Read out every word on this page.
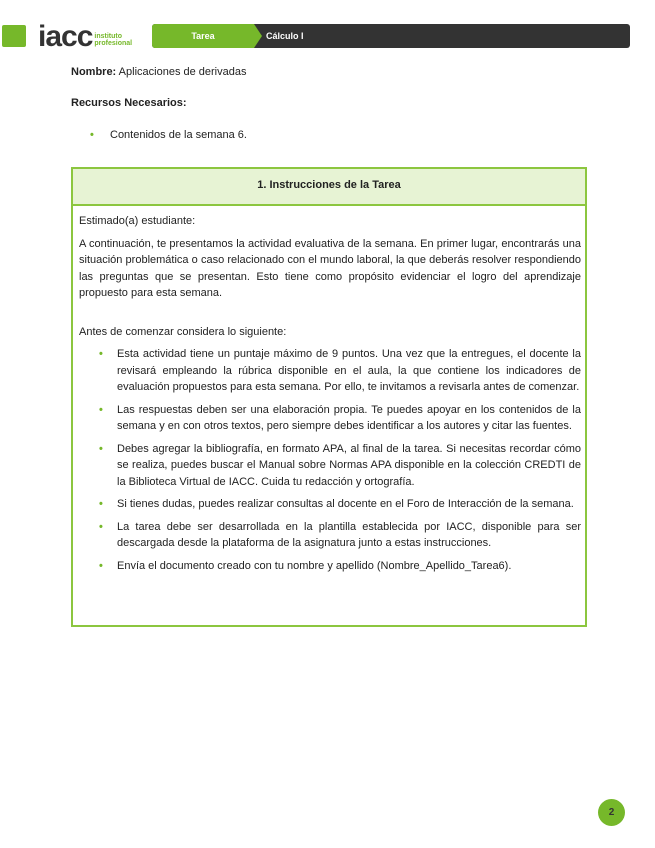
iacc instituto
profesional
Tarea	Cálculo I
Nombre: Aplicaciones de derivadas
Recursos Necesarios:
• Contenidos de la semana 6.
1. Instrucciones de la Tarea

Estimado(a) estudiante:

A continuación, te presentamos la actividad evaluativa de la semana. En primer lugar, encontrarás una situación problemática o caso relacionado con el mundo laboral, la que deberás resolver respondiendo las preguntas que se presentan. Esto tiene como propósito evidenciar el logro del aprendizaje propuesto para esta semana.

Antes de comenzar considera lo siguiente:

• Esta actividad tiene un puntaje máximo de 9 puntos. Una vez que la entregues, el docente la revisará empleando la rúbrica disponible en el aula, la que contiene los indicadores de evaluación propuestos para esta semana. Por ello, te invitamos a revisarla antes de comenzar.
• Las respuestas deben ser una elaboración propia. Te puedes apoyar en los contenidos de la semana y en con otros textos, pero siempre debes identificar a los autores y citar las fuentes.
• Debes agregar la bibliografía, en formato APA, al final de la tarea. Si necesitas recordar cómo se realiza, puedes buscar el Manual sobre Normas APA disponible en la colección CREDTI de la Biblioteca Virtual de IACC. Cuida tu redacción y ortografía.
• Si tienes dudas, puedes realizar consultas al docente en el Foro de Interacción de la semana.
• La tarea debe ser desarrollada en la plantilla establecida por IACC, disponible para ser descargada desde la plataforma de la asignatura junto a estas instrucciones.
• Envía el documento creado con tu nombre y apellido (Nombre_Apellido_Tarea6).
2
